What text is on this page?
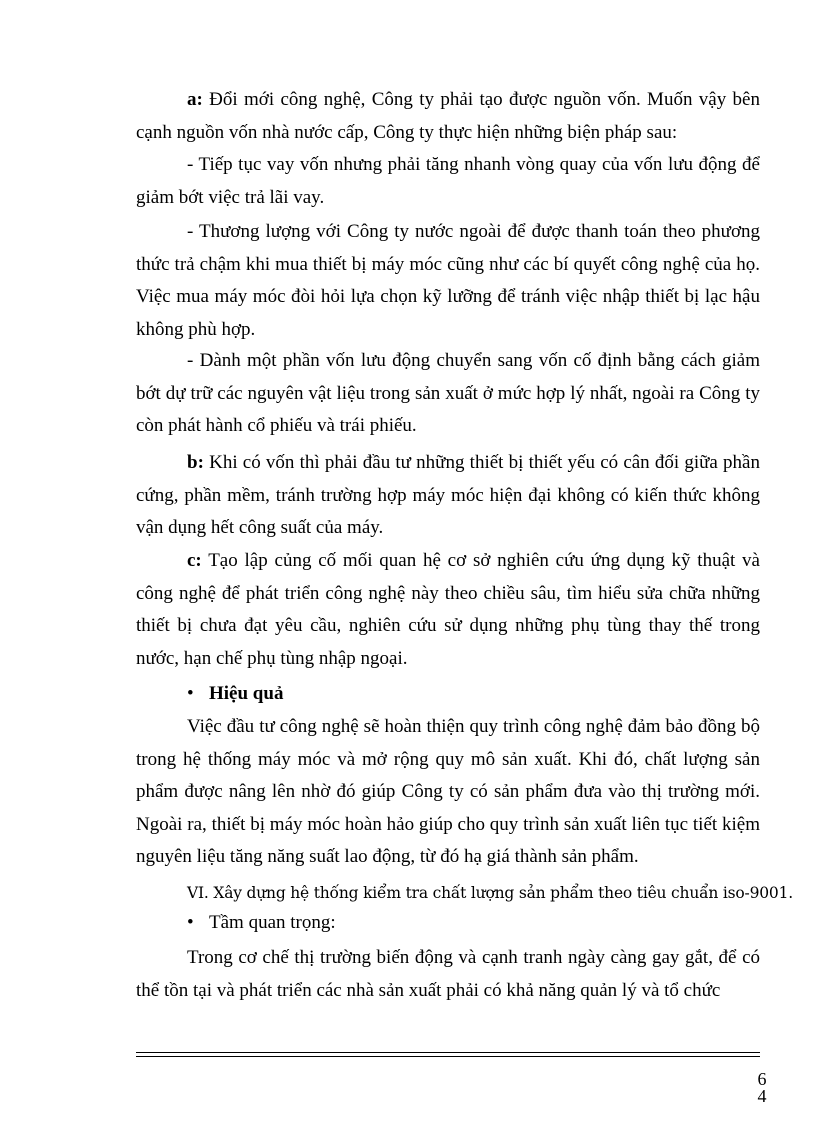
a: Đổi mới công nghệ, Công ty phải tạo được nguồn vốn. Muốn vậy bên cạnh nguồn vốn nhà nước cấp, Công ty thực hiện những biện pháp sau:

- Tiếp tục vay vốn nhưng phải tăng nhanh vòng quay của vốn lưu động để giảm bớt việc trả lãi vay.

- Thương lượng với Công ty nước ngoài để được thanh toán theo phương thức trả chậm khi mua thiết bị máy móc cũng như các bí quyết công nghệ của họ. Việc mua máy móc đòi hỏi lựa chọn kỹ lưỡng để tránh việc nhập thiết bị lạc hậu không phù hợp.

- Dành một phần vốn lưu động chuyển sang vốn cố định bằng cách giảm bớt dự trữ các nguyên vật liệu trong sản xuất ở mức hợp lý nhất, ngoài ra Công ty còn phát hành cổ phiếu và trái phiếu.

b: Khi có vốn thì phải đầu tư những thiết bị thiết yếu có cân đối giữa phần cứng, phần mềm, tránh trường hợp máy móc hiện đại không có kiến thức không vận dụng hết công suất của máy.

c: Tạo lập củng cố mối quan hệ cơ sở nghiên cứu ứng dụng kỹ thuật và công nghệ để phát triển công nghệ này theo chiều sâu, tìm hiểu sửa chữa những thiết bị chưa đạt yêu cầu, nghiên cứu sử dụng những phụ tùng thay thế trong nước, hạn chế phụ tùng nhập ngoại.

• Hiệu quả

Việc đầu tư công nghệ sẽ hoàn thiện quy trình công nghệ đảm bảo đồng bộ trong hệ thống máy móc và mở rộng quy mô sản xuất. Khi đó, chất lượng sản phẩm được nâng lên nhờ đó giúp Công ty có sản phẩm đưa vào thị trường mới. Ngoài ra, thiết bị máy móc hoàn hảo giúp cho quy trình sản xuất liên tục tiết kiệm nguyên liệu tăng năng suất lao động, từ đó hạ giá thành sản phẩm.

VI. Xây dựng hệ thống kiểm tra chất lượng sản phẩm theo tiêu chuẩn iso-9001.

• Tầm quan trọng:

Trong cơ chế thị trường biến động và cạnh tranh ngày càng gay gắt, để có thể tồn tại và phát triển các nhà sản xuất phải có khả năng quản lý và tổ chức

6
4
